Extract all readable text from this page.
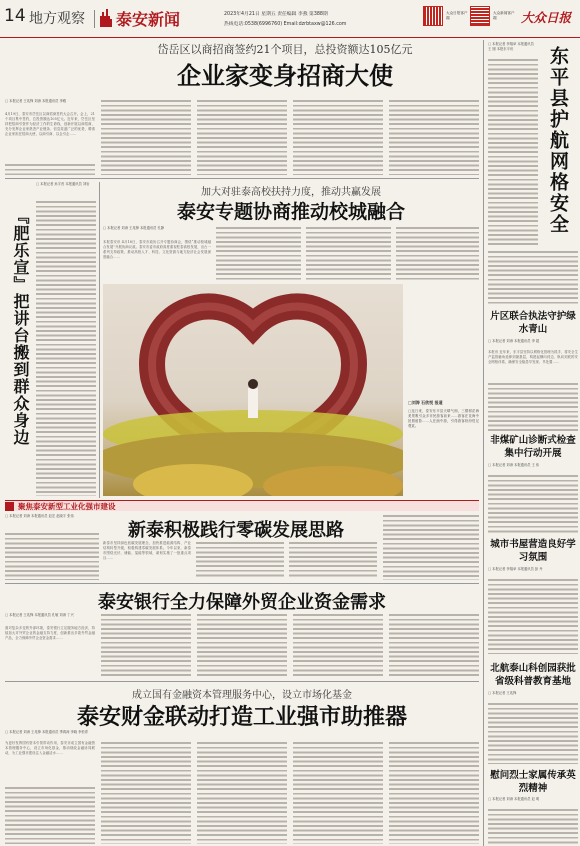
14 地方观察 泰安新闻	2023年4月21日 星期五 责任编辑 李燕 第388期
热线电话:0538(6996760) Email:dzrbtaxw@126.com
大众日报客户端
大众新闻客户端	大众日报
岱岳区以商招商签约21个项目，总投资额达105亿元
企业家变身招商大使
□ 本报记者 王兆锋 刘涛 本报通讯员 李雅
4月19日，泰安市岱岳区以商招商签约大会召开。会上，21个项目集中签约，总投资额达105亿元。近年来，岱岳区坚持把招商引资作为经济工作的生命线，创新开展以商招商，充分发挥企业家熟悉产业链条、信息渠道广泛的优势，聘请企业家担任招商大使，以商引商、以企引企……
『肥乐宣』把讲台搬到群众身边
□ 本报记者 孙宇晋 本报通讯员 刘岩
加大对驻泰高校扶持力度，推动共赢发展
泰安专题协商推动校城融合
□ 本报记者 刘涛 王兆锋 本报通讯员 孔静
本报泰安讯 4月18日，泰安市政协召开专题协商会，围绕“推动校城融合发展”开展协商议政。泰安市委市政府高度重视驻泰高校发展，出台一系列支持政策，推动高校人才、科技、文化资源与地方经济社会发展深度融合……
□刘涛 石欣悦 报道
□连日来，泰安东平县天晴气朗，三棵树花海美景吸引众多市民游客前来……游客在花海中拍照留影……人在画中游，引得游客纷纷驻足观赏。
□ 本报记者 李翔举 本报通讯员 王 刚 本报东平讯	东平县护航网格安全
片区联合执法守护绿水青山
□ 本报记者 刘涛 本报通讯员 李 超
本报讯 近年来，东平县坚持以网格化管理为抓手，将安全生产监管触角延伸到最基层，构建起横向到边、纵向到底的安全网格体系，确保安全隐患早发现、早处置……
非煤矿山诊断式检查集中行动开展
□ 本报记者 刘涛 本报通讯员 王 伟
城市书屋营造良好学习氛围
□ 本报记者 李翔举 本报通讯员 彭 丹
北航泰山科创园获批省级科普教育基地
□ 本报记者 王兆锋
慰问烈士家属传承英烈精神
□ 本报记者 刘涛 本报通讯员 赵 明
聚焦泰安新型工业化强市建设
□ 本报记者 刘涛 本报通讯员 赵宏 赵晓宇 张伟
新泰积极践行零碳发展思路
新泰市坚持绿色低碳发展理念，加快推进能源结构、产业结构转型升级，积极构建零碳发展体系。今年以来，新泰市围绕光伏、储能、氢能等领域，谋划实施了一批重点项目……
泰安银行全力保障外贸企业资金需求
□ 本报记者 王兆锋 本报通讯员 孔敏 刘涛 丁兴
面对复杂多变的外部环境，泰安银行立足服务地方经济，持续加大对外贸企业的金融支持力度，创新推出多款外贸金融产品，全力保障外贸企业资金需求……
成立国有金融资本管理服务中心，设立市场化基金
泰安财金联动打造工业强市助推器
□ 本报记者 刘涛 王兆锋 本报通讯员 季鸿涛 李晓 李松青
为更好发挥国有资本引领带动作用，泰安市成立国有金融资本管理服务中心，设立市场化基金，推动财政金融协同联动，为工业强市建设注入金融活水……
